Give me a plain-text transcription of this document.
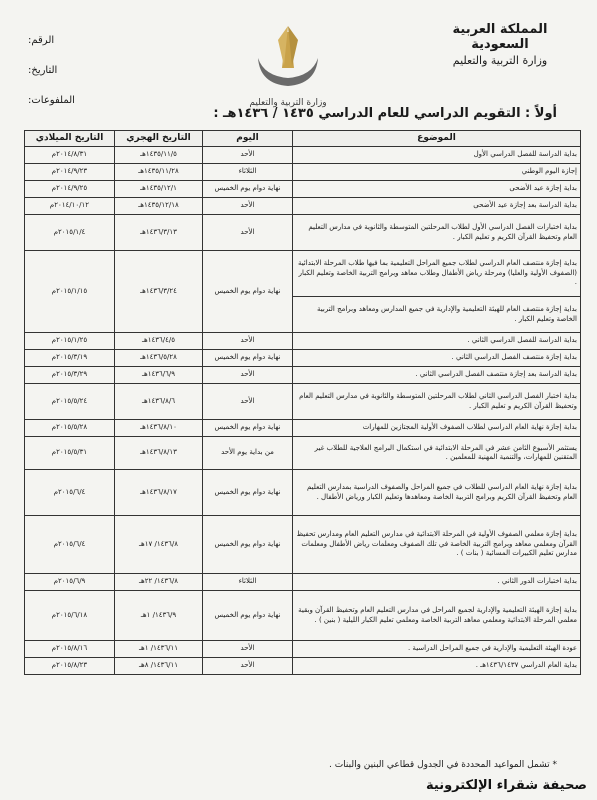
المملكة العربية السعودية
وزارة التربية والتعليم
وزارة التربية والتعليم
الرقم:
التاريخ:
الملفوعات:
أولاً : التقويم الدراسي للعام الدراسي ١٤٣٥ / ١٤٣٦هـ :
الموضوع	اليوم	التاريخ الهجري	التاريخ الميلادي
بداية الدراسة للفصل الدراسي الأول	الأحد	١٤٣٥/١١/٥هـ	٢٠١٤/٨/٣١م
إجازة اليوم الوطني	الثلاثاء	١٤٣٥/١١/٢٨هـ	٢٠١٤/٩/٢٣م
بداية إجازة عيد الأضحى	نهاية دوام يوم الخميس	١٤٣٥/١٢/١هـ	٢٠١٤/٩/٢٥م
بداية الدراسة بعد إجازة عيد الأضحى	الأحد	١٤٣٥/١٢/١٨هـ	٢٠١٤/١٠/١٢م
بداية اختبارات الفصل الدراسي الأول لطلاب المرحلتين المتوسطة والثانوية في مدارس التعليم العام وتحفيظ القرآن الكريم و تعليم الكبار .	الأحد	١٤٣٦/٣/١٣هـ	٢٠١٥/١/٤م
بداية إجازة منتصف العام الدراسي لطلاب جميع المراحل التعليمية بما فيها طلاب المرحلة الابتدائية (الصفوف الأولية والعليا) ومرحلة رياض الأطفال وطلاب معاهد وبرامج التربية الخاصة وتعليم الكبار .	نهاية دوام يوم الخميس	١٤٣٦/٣/٢٤هـ	٢٠١٥/١/١٥م
بداية إجازة منتصف العام للهيئة التعليمية والإدارية في جميع المدارس ومعاهد وبرامج التربية الخاصة وتعليم الكبار .			
بداية الدراسة للفصل الدراسي الثاني .	الأحد	١٤٣٦/٤/٥هـ	٢٠١٥/١/٢٥م
بداية إجازة منتصف الفصل الدراسي الثاني .	نهاية دوام يوم الخميس	١٤٣٦/٥/٢٨هـ	٢٠١٥/٣/١٩م
بداية الدراسة بعد إجازة منتصف الفصل الدراسي الثاني .	الأحد	١٤٣٦/٦/٩هـ	٢٠١٥/٣/٢٩م
بداية اختبار الفصل الدراسي الثاني لطلاب المرحلتين المتوسطة والثانوية في مدارس التعليم العام وتحفيظ القرآن الكريم و تعليم الكبار .	الأحد	١٤٣٦/٨/٦هـ	٢٠١٥/٥/٢٤م
بداية إجازة نهاية العام الدراسي لطلاب الصفوف الأولية المجتازين للمهارات	نهاية دوام يوم الخميس	١٤٣٦/٨/١٠هـ	٢٠١٥/٥/٢٨م
يستثمر الأسبوع الثامن عشر في المرحلة الابتدائية في استكمال البرامج العلاجية للطلاب غير المتقنين للمهارات، والتنمية المهنية للمعلمين .	من بداية يوم الأحد	١٤٣٦/٨/١٣هـ	٢٠١٥/٥/٣١م
بداية إجازة نهاية العام الدراسي للطلاب في جميع المراحل والصفوف الدراسية بمدارس التعليم العام وتحفيظ القرآن الكريم وبرامج التربية الخاصة ومعاهدها وتعليم الكبار ورياض الأطفال .	نهاية دوام يوم الخميس	١٤٣٦/٨/١٧هـ	٢٠١٥/٦/٤م
بداية إجازة معلمي الصفوف الأولية في المرحلة الابتدائية في مدارس التعليم العام ومدارس تحفيظ القرآن ومعلمي معاهد وبرامج التربية الخاصة في تلك الصفوف ومعلمات رياض الأطفال ومعلمات مدارس تعليم الكبيرات المسائية ( بنات ) .	نهاية دوام يوم الخميس	١٤٣٦/٨/ ١٧هـ	٢٠١٥/٦/٤م
بداية اختبارات الدور الثاني .	الثلاثاء	١٤٣٦/٨/ ٢٢هـ	٢٠١٥/٦/٩م
بداية إجازة الهيئة التعليمية والإدارية لجميع المراحل في مدارس التعليم العام وتحفيظ القرآن وبقية معلمي المرحلة الابتدائية ومعلمي معاهد التربية الخاصة ومعلمي تعليم الكبار الليلية ( بنين ) .	نهاية دوام يوم الخميس	١٤٣٦/٩/ ١هـ	٢٠١٥/٦/١٨م
عودة الهيئة التعليمية والإدارية في جميع المراحل الدراسية .	الأحد	١٤٣٦/١١/ ١هـ	٢٠١٥/٨/١٦م
بداية العام الدراسي ١٤٣٦/١٤٣٧هـ .	الأحد	١٤٣٦/١١/ ٨هـ	٢٠١٥/٨/٢٣م
* تشمل المواعيد المحددة في الجدول قطاعي البنين والبنات .
صحيفة شقراء الإلكترونية
